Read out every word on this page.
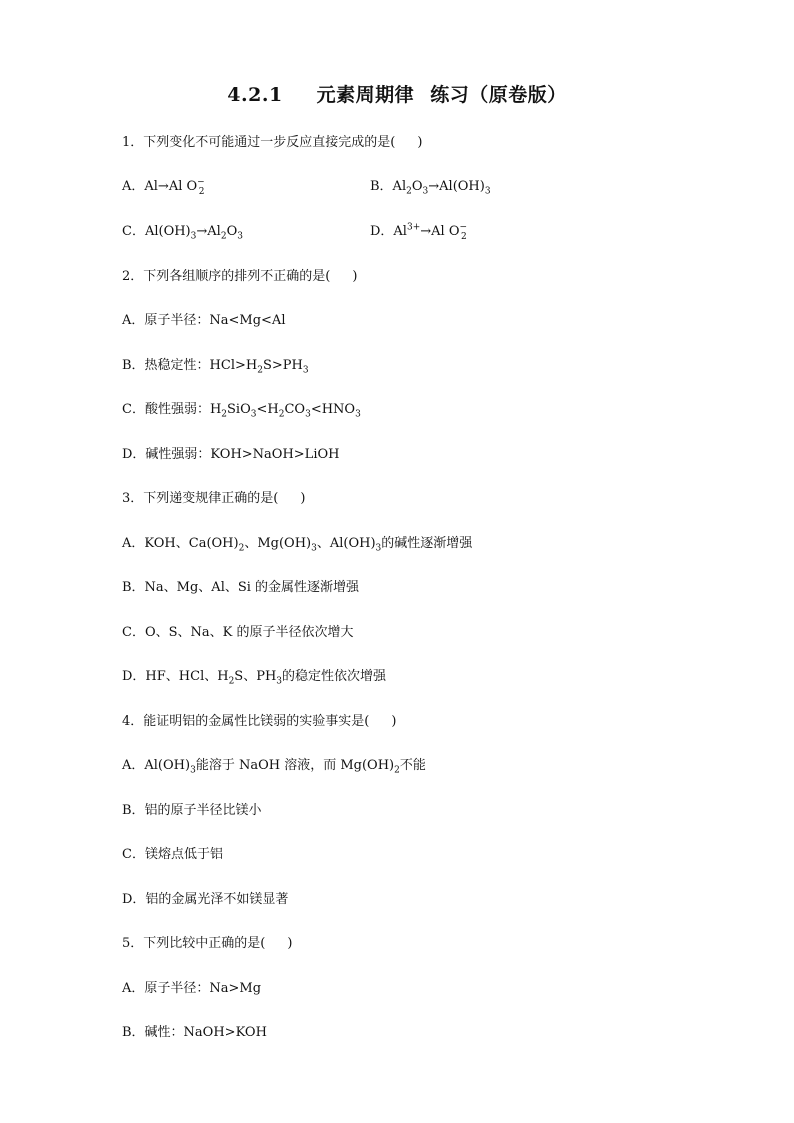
4.2.1 元素周期律 练习（原卷版）
1．下列变化不可能通过一步反应直接完成的是( )
A．Al→Al $O^-_2$	B．$Al_2O_3\to Al(OH)_3$
C．$Al(OH)_3\to Al_2O_3$	D．$Al^{3+}\to Al$ $O^-_2$
2．下列各组顺序的排列不正确的是( )
A．原子半径：Na<Mg<Al
B．热稳定性：$HCl>H_2S>PH_3$
C．酸性强弱：$H_2SiO_3<H_2CO_3<HNO_3$
D．碱性强弱：KOH>NaOH>LiOH
3．下列递变规律正确的是( )
A．KOH、$Ca(OH)_2$、$Mg(OH)_3$、$Al(OH)_3$的碱性逐渐增强
B．Na、Mg、Al、Si 的金属性逐渐增强
C．O、S、Na、K 的原子半径依次增大
D．HF、HCl、$H_2S$、$PH_3$的稳定性依次增强
4．能证明铝的金属性比镁弱的实验事实是( )
A．$Al(OH)_3$能溶于 NaOH 溶液，而 $Mg(OH)_2$不能
B．铝的原子半径比镁小
C．镁熔点低于铝
D．铝的金属光泽不如镁显著
5．下列比较中正确的是( )
A．原子半径：Na>Mg
B．碱性：NaOH>KOH
